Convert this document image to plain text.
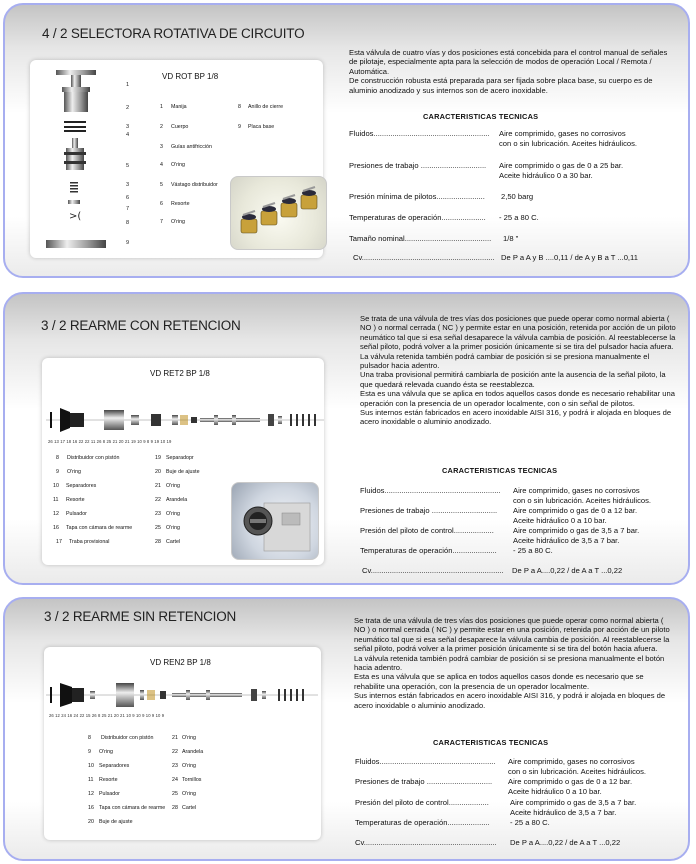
4 / 2 SELECTORA ROTATIVA DE CIRCUITO
>(
1
2
3
4
5
3
6
7
8
9
VD ROT BP 1/8
1 Manija
2 Cuerpo
3 Guías antifricción
4 O'ring
5 Vástago distribuidor
6 Resorte
7 O'ring
8 Anillo de cierre
9 Placa base
Esta válvula de cuatro vías y dos posiciones está concebida para el control manual de señales de pilotaje, especialmente apta para la selección de modos de operación Local / Remota / Automática.
De construcción robusta está preparada para ser fijada sobre placa base, su cuerpo es de aluminio anodizado y sus internos son de acero inoxidable.
CARACTERISTICAS TECNICAS
Fluidos.......................................................	Aire comprimido, gases no corrosivos
con o sin lubricación. Aceites hidráulicos.
Presiones de trabajo ...............................	Aire comprimido o gas de 0 a 25 bar.
Aceite hidráulico 0 a 30 bar.
Presión mínima de pilotos.......................	2,50 barg
Temperaturas de operación.....................	- 25 a 80 C.
Tamaño nominal.........................................	1/8 "
Cv............................................................... De P a A y B ....0,11 / de A y B a T ...0,11
3 / 2 REARME CON RETENCION
VD RET2 BP 1/8
26 13 17 18 16 22 22 11 26 8 25 21 20 21 19 10 9 8 9 19 10 19
8 Distribuidor con pistón	19 Separadopr
9 O'ring	20 Buje de ajuste
10 Separadores	21 O'ring
11 Resorte	22 Arandela
12 Pulsador	23 O'ring
16 Tapa con cámara de rearme	25 O'ring
17 Traba provisional	28 Cartel
Se trata de una válvula de tres vías dos posiciones que puede operar como normal abierta ( NO ) o normal cerrada ( NC ) y permite estar en una posición, retenida por acción de un piloto neumático tal que si esa señal desaparece la válvula cambia de posición. Al reestablecerse la señal piloto, podrá volver a la primer posición únicamente si se tira del pulsador hacia afuera.
La válvula retenida también podrá cambiar de posición si se presiona manualmente el pulsador hacia adentro.
Una traba provisional permitirá cambiarla de posición ante la ausencia de la señal piloto, la que quedará relevada cuando ésta se reestablezca.
Esta es una válvula que se aplica en todos aquellos casos donde es necesario rehabilitar una operación con la presencia de un operador localmente, con o sin señal de pilotos.
Sus internos están fabricados en acero inoxidable AISI 316, y podrá ir alojada en bloques de acero inoxidable o aluminio anodizado.
CARACTERISTICAS TECNICAS
Fluidos.......................................................	Aire comprimido, gases no corrosivos
con o sin lubricación. Aceites hidráulicos.
Presiones de trabajo ...............................	Aire comprimido o gas de 0 a 12 bar.
Aceite hidráulico 0 a 10 bar.
Presión del piloto de control...................	Aire comprimido o gas de 3,5 a 7 bar.
Aceite hidráulico de 3,5 a 7 bar.
Temperaturas de operación.....................	- 25 a 80 C.
Cv...............................................................	De P a A....0,22 / de A a T ...0,22
3 / 2 REARME SIN RETENCION
VD REN2 BP 1/8
26 12 24 16 24 22 15 26 8 25 21 20 21 10 9 10 9 10 9 10 9
8 Distribuidor con pistón	21 O'ring
9 O'ring	22 Arandela
10 Separadores	23 O'ring
11 Resorte	24 Tornillos
12 Pulsador	25 O'ring
16 Tapa con cámara de rearme 28 Cartel
20 Buje de ajuste
Se trata de una válvula de tres vías dos posiciones que puede operar como normal abierta ( NO ) o normal cerrada ( NC ) y permite estar en una posición, retenida por acción de un piloto neumático tal que si esa señal desaparece la válvula cambia de posición. Al reestablecerse la señal piloto, podrá volver a la primer posición únicamente si se tira del botón hacia afuera.
La válvula retenida también podrá cambiar de posición si se presiona manualmente el botón hacia adentro.
Esta es una válvula que se aplica en todos aquellos casos donde es necesario que se rehabilite una operación, con la presencia de un operador localmente.
Sus internos están fabricados en acero inoxidable AISI 316, y podrá ir alojada en bloques de acero inoxidable o aluminio anodizado.
CARACTERISTICAS TECNICAS
Fluidos.......................................................	Aire comprimido, gases no corrosivos
con o sin lubricación. Aceites hidráulicos.
Presiones de trabajo ...............................	Aire comprimido o gas de 0 a 12 bar.
Aceite hidráulico 0 a 10 bar.
Presión del piloto de control...................	Aire comprimido o gas de 3,5 a 7 bar.
Aceite hidráulico de 3,5 a 7 bar.
Temperaturas de operación....................	- 25 a 80 C.
Cv...............................................................	De P a A....0,22 / de A a T ...0,22
